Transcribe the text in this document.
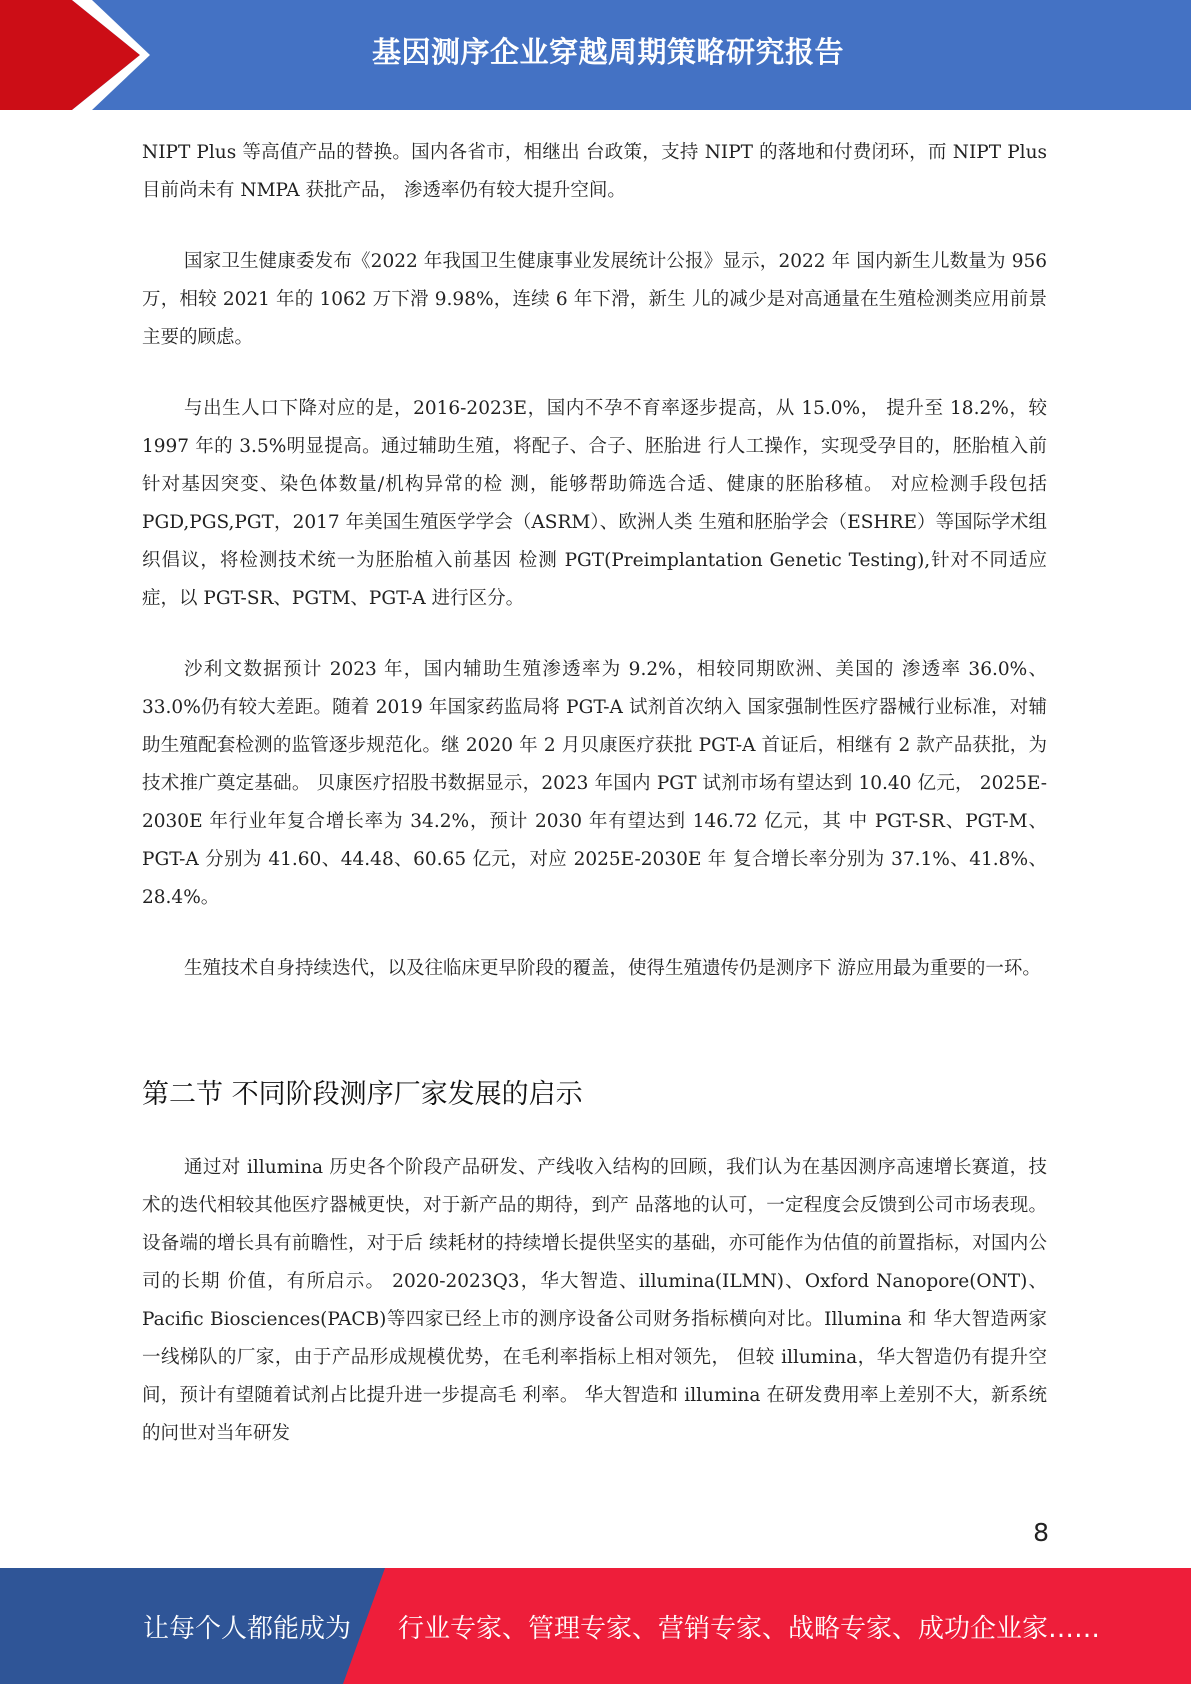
基因测序企业穿越周期策略研究报告

NIPT Plus 等高值产品的替换。国内各省市，相继出 台政策，支持 NIPT 的落地和付费闭环，而 NIPT Plus 目前尚未有 NMPA 获批产品， 渗透率仍有较大提升空间。

国家卫生健康委发布《2022 年我国卫生健康事业发展统计公报》显示，2022 年 国内新生儿数量为 956 万，相较 2021 年的 1062 万下滑 9.98%，连续 6 年下滑，新生 儿的减少是对高通量在生殖检测类应用前景主要的顾虑。

与出生人口下降对应的是，2016-2023E，国内不孕不育率逐步提高，从 15.0%， 提升至 18.2%，较 1997 年的 3.5%明显提高。通过辅助生殖，将配子、合子、胚胎进 行人工操作，实现受孕目的，胚胎植入前针对基因突变、染色体数量/机构异常的检 测，能够帮助筛选合适、健康的胚胎移植。 对应检测手段包括 PGD,PGS,PGT，2017 年美国生殖医学学会（ASRM）、欧洲人类 生殖和胚胎学会（ESHRE）等国际学术组织倡议，将检测技术统一为胚胎植入前基因 检测 PGT(Preimplantation Genetic Testing),针对不同适应症，以 PGT-SR、PGTM、PGT-A 进行区分。

沙利文数据预计 2023 年，国内辅助生殖渗透率为 9.2%，相较同期欧洲、美国的 渗透率 36.0%、33.0%仍有较大差距。随着 2019 年国家药监局将 PGT-A 试剂首次纳入 国家强制性医疗器械行业标准，对辅助生殖配套检测的监管逐步规范化。继 2020 年 2 月贝康医疗获批 PGT-A 首证后，相继有 2 款产品获批，为技术推广奠定基础。 贝康医疗招股书数据显示，2023 年国内 PGT 试剂市场有望达到 10.40 亿元， 2025E-2030E 年行业年复合增长率为 34.2%，预计 2030 年有望达到 146.72 亿元，其 中 PGT-SR、PGT-M、PGT-A 分别为 41.60、44.48、60.65 亿元，对应 2025E-2030E 年 复合增长率分别为 37.1%、41.8%、28.4%。

生殖技术自身持续迭代，以及往临床更早阶段的覆盖，使得生殖遗传仍是测序下 游应用最为重要的一环。

第二节 不同阶段测序厂家发展的启示

通过对 illumina 历史各个阶段产品研发、产线收入结构的回顾，我们认为在基因测序高速增长赛道，技术的迭代相较其他医疗器械更快，对于新产品的期待，到产 品落地的认可，一定程度会反馈到公司市场表现。设备端的增长具有前瞻性，对于后 续耗材的持续增长提供坚实的基础，亦可能作为估值的前置指标，对国内公司的长期 价值，有所启示。 2020-2023Q3，华大智造、illumina(ILMN)、Oxford Nanopore(ONT)、Pacific Biosciences(PACB)等四家已经上市的测序设备公司财务指标横向对比。Illumina 和 华大智造两家一线梯队的厂家，由于产品形成规模优势，在毛利率指标上相对领先， 但较 illumina，华大智造仍有提升空间，预计有望随着试剂占比提升进一步提高毛 利率。 华大智造和 illumina 在研发费用率上差别不大，新系统的问世对当年研发

8
让每个人都能成为 行业专家、管理专家、营销专家、战略专家、成功企业家……
